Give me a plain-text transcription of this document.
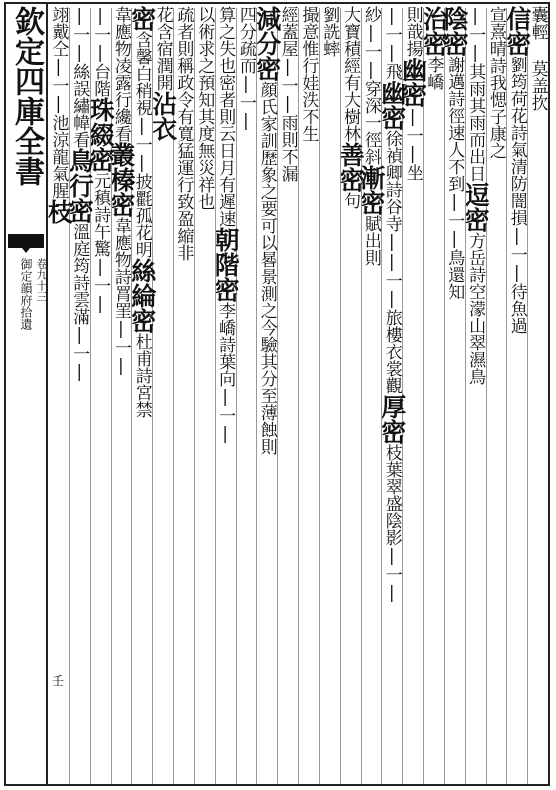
欽定四庫全書
御定韻府拾遺 卷九十三
囊輕 莫盖扻
信密劉筠荷花詩氣清防闇損|一|待魚過
宣熹晴詩我愢子康之
|一|其雨其雨而出日逗密方岳詩空濛山翠濕鳥
陰密謝邁詩徑速人不到|一|鳥還知
治密李嶠
則戠揚幽密|一|坐
|一|飛幽密徐禎卿詩谷寺||一|旅樓衣裳觀厚密枝葉翠盛陰影|一|
紗|一|穿深一徑斜漸密賦出則
大寶積經有大樹林善密句
劉詵蟀
撮意惟行娃泆不生
經蓋屋|一|雨則不漏
減分密顔氏家訓歷象之要可以晷景測之今驗其分至薄蝕則
四分疏而|一|
算之失也密者則云日月有遲速朝階密李嶠詩葉向|一|
以術求之預知其度無災祥也
疏者則稱政令有寬猛運行致盈縮非
花含宿潤開沾衣
密含馨白稍視|一|披氍孤花明絲綸密杜甫詩宮禁
韋應物凌露行纔看叢榛密韋應物詩罥罣|一|
|一|台階珠綴密元稹詩午驚|一|
|一|絲誤繡幃看鳥行密溫庭筠詩雲滿|一|
翊戴仝|一|池涼龍氣腥枝
壬
